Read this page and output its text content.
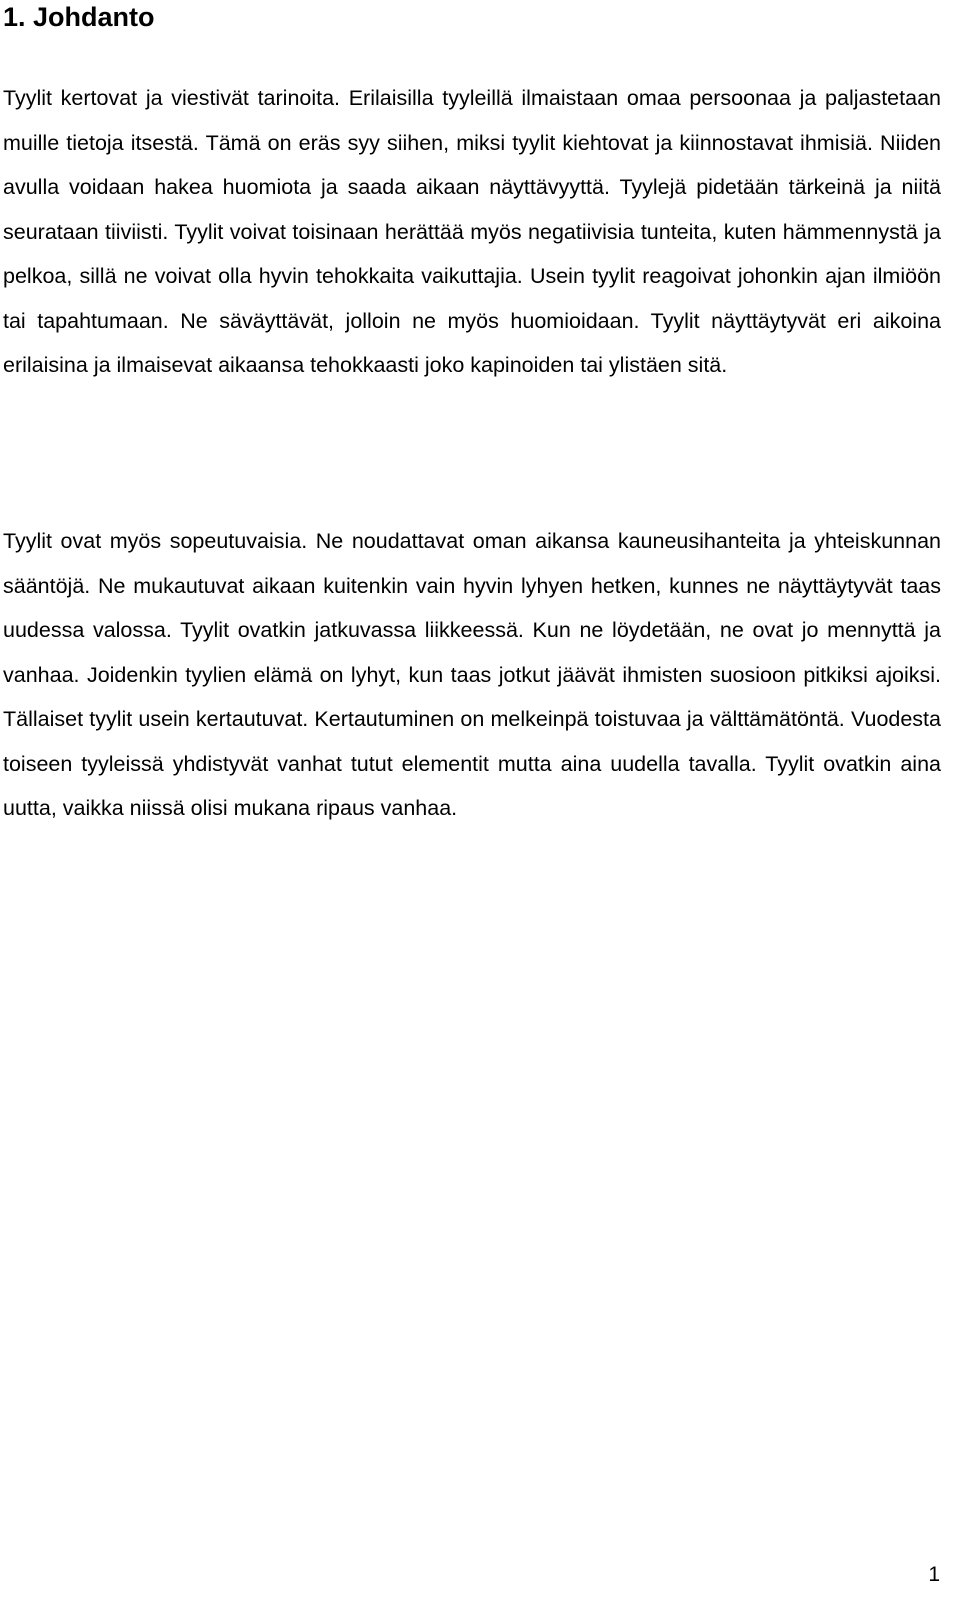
1. Johdanto

Tyylit kertovat ja viestivät tarinoita. Erilaisilla tyyleillä ilmaistaan omaa persoonaa ja paljastetaan muille tietoja itsestä. Tämä on eräs syy siihen, miksi tyylit kiehtovat ja kiinnostavat ihmisiä. Niiden avulla voidaan hakea huomiota ja saada aikaan näyttävyyttä. Tyylejä pidetään tärkeinä ja niitä seurataan tiiviisti. Tyylit voivat toisinaan herättää myös negatiivisia tunteita, kuten hämmennystä ja pelkoa, sillä ne voivat olla hyvin tehokkaita vaikuttajia. Usein tyylit reagoivat johonkin ajan ilmiöön tai tapahtumaan. Ne säväyttävät, jolloin ne myös huomioidaan. Tyylit näyttäytyvät eri aikoina erilaisina ja ilmaisevat aikaansa tehokkaasti joko kapinoiden tai ylistäen sitä.

Tyylit ovat myös sopeutuvaisia. Ne noudattavat oman aikansa kauneusihanteita ja yhteiskunnan sääntöjä. Ne mukautuvat aikaan kuitenkin vain hyvin lyhyen hetken, kunnes ne näyttäytyvät taas uudessa valossa. Tyylit ovatkin jatkuvassa liikkeessä. Kun ne löydetään, ne ovat jo mennyttä ja vanhaa. Joidenkin tyylien elämä on lyhyt, kun taas jotkut jäävät ihmisten suosioon pitkiksi ajoiksi. Tällaiset tyylit usein kertautuvat. Kertautuminen on melkeinpä toistuvaa ja välttämätöntä. Vuodesta toiseen tyyleissä yhdistyvät vanhat tutut elementit mutta aina uudella tavalla. Tyylit ovatkin aina uutta, vaikka niissä olisi mukana ripaus vanhaa.

1
